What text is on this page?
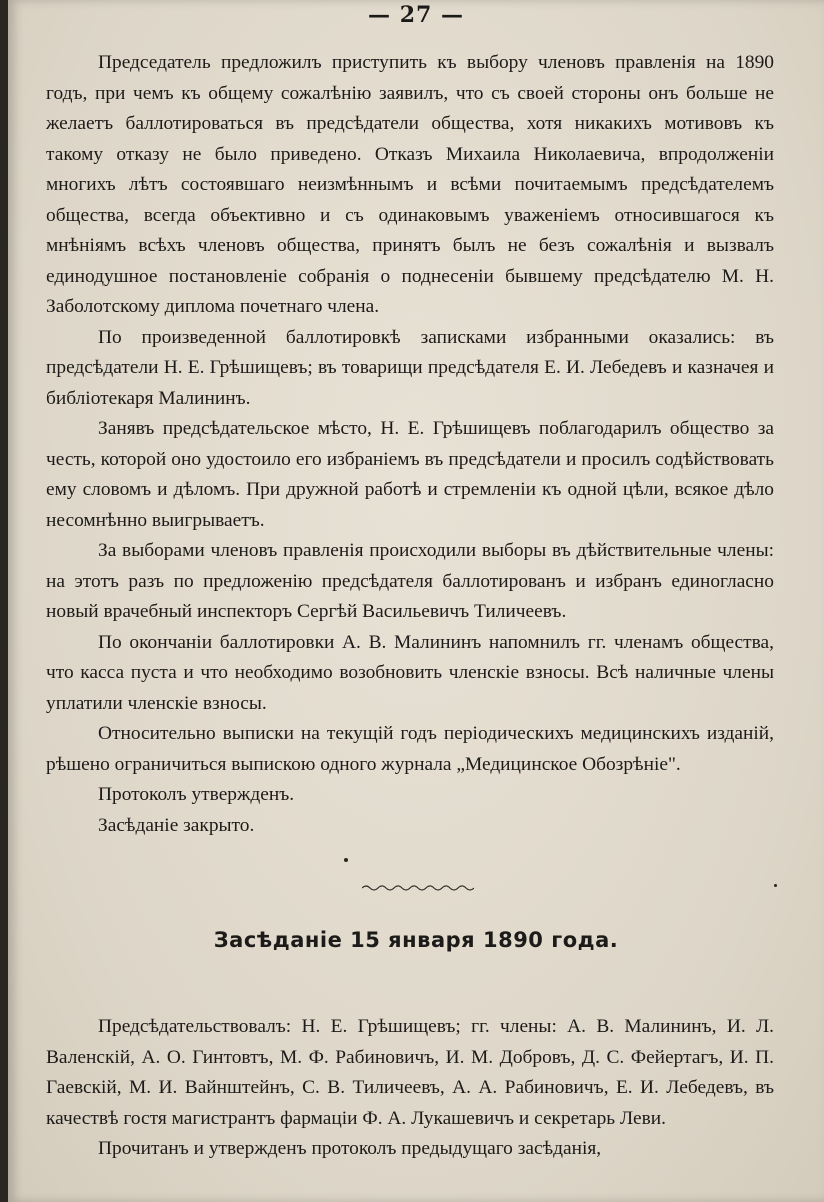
— 27 —

Председатель предложилъ приступить къ выбору членовъ правленія на 1890 годъ, при чемъ къ общему сожалѣнію заявилъ, что съ своей стороны онъ больше не желаетъ баллотироваться въ предсѣдатели общества, хотя никакихъ мотивовъ къ такому отказу не было приведено. Отказъ Михаила Николаевича, впродолженіи многихъ лѣтъ состоявшаго неизмѣннымъ и всѣми почитаемымъ предсѣдателемъ общества, всегда объективно и съ одинаковымъ уваженіемъ относившагося къ мнѣніямъ всѣхъ членовъ общества, принятъ былъ не безъ сожалѣнія и вызвалъ единодушное постановленіе собранія о поднесеніи бывшему предсѣдателю М. Н. Заболотскому диплома почетнаго члена.

По произведенной баллотировкѣ записками избранными оказались: въ предсѣдатели Н. Е. Грѣшищевъ; въ товарищи предсѣдателя Е. И. Лебедевъ и казначея и библіотекаря Малининъ.

Занявъ предсѣдательское мѣсто, Н. Е. Грѣшищевъ поблагодарилъ общество за честь, которой оно удостоило его избраніемъ въ предсѣдатели и просилъ содѣйствовать ему словомъ и дѣломъ. При дружной работѣ и стремленіи къ одной цѣли, всякое дѣло несомнѣнно выигрываетъ.

За выборами членовъ правленія происходили выборы въ дѣйствительные члены: на этотъ разъ по предложенію предсѣдателя баллотированъ и избранъ единогласно новый врачебный инспекторъ Сергѣй Васильевичъ Тиличеевъ.

По окончаніи баллотировки А. В. Малининъ напомнилъ гг. членамъ общества, что касса пуста и что необходимо возобновить членскіе взносы. Всѣ наличные члены уплатили членскіе взносы.

Относительно выписки на текущій годъ періодическихъ медицинскихъ изданій, рѣшено ограничиться выпискою одного журнала „Медицинское Обозрѣніе".

Протоколъ утвержденъ.

Засѣданіе закрыто.

Засѣданіе 15 января 1890 года.

Предсѣдательствовалъ: Н. Е. Грѣшищевъ; гг. члены: А. В. Малининъ, И. Л. Валенскій, А. О. Гинтовтъ, М. Ф. Рабиновичъ, И. М. Добровъ, Д. С. Фейертагъ, И. П. Гаевскій, М. И. Вайнштейнъ, С. В. Тиличеевъ, А. А. Рабиновичъ, Е. И. Лебедевъ, въ качествѣ гостя магистрантъ фармаціи Ф. А. Лукашевичъ и секретарь Леви.

Прочитанъ и утвержденъ протоколъ предыдущаго засѣданія,
